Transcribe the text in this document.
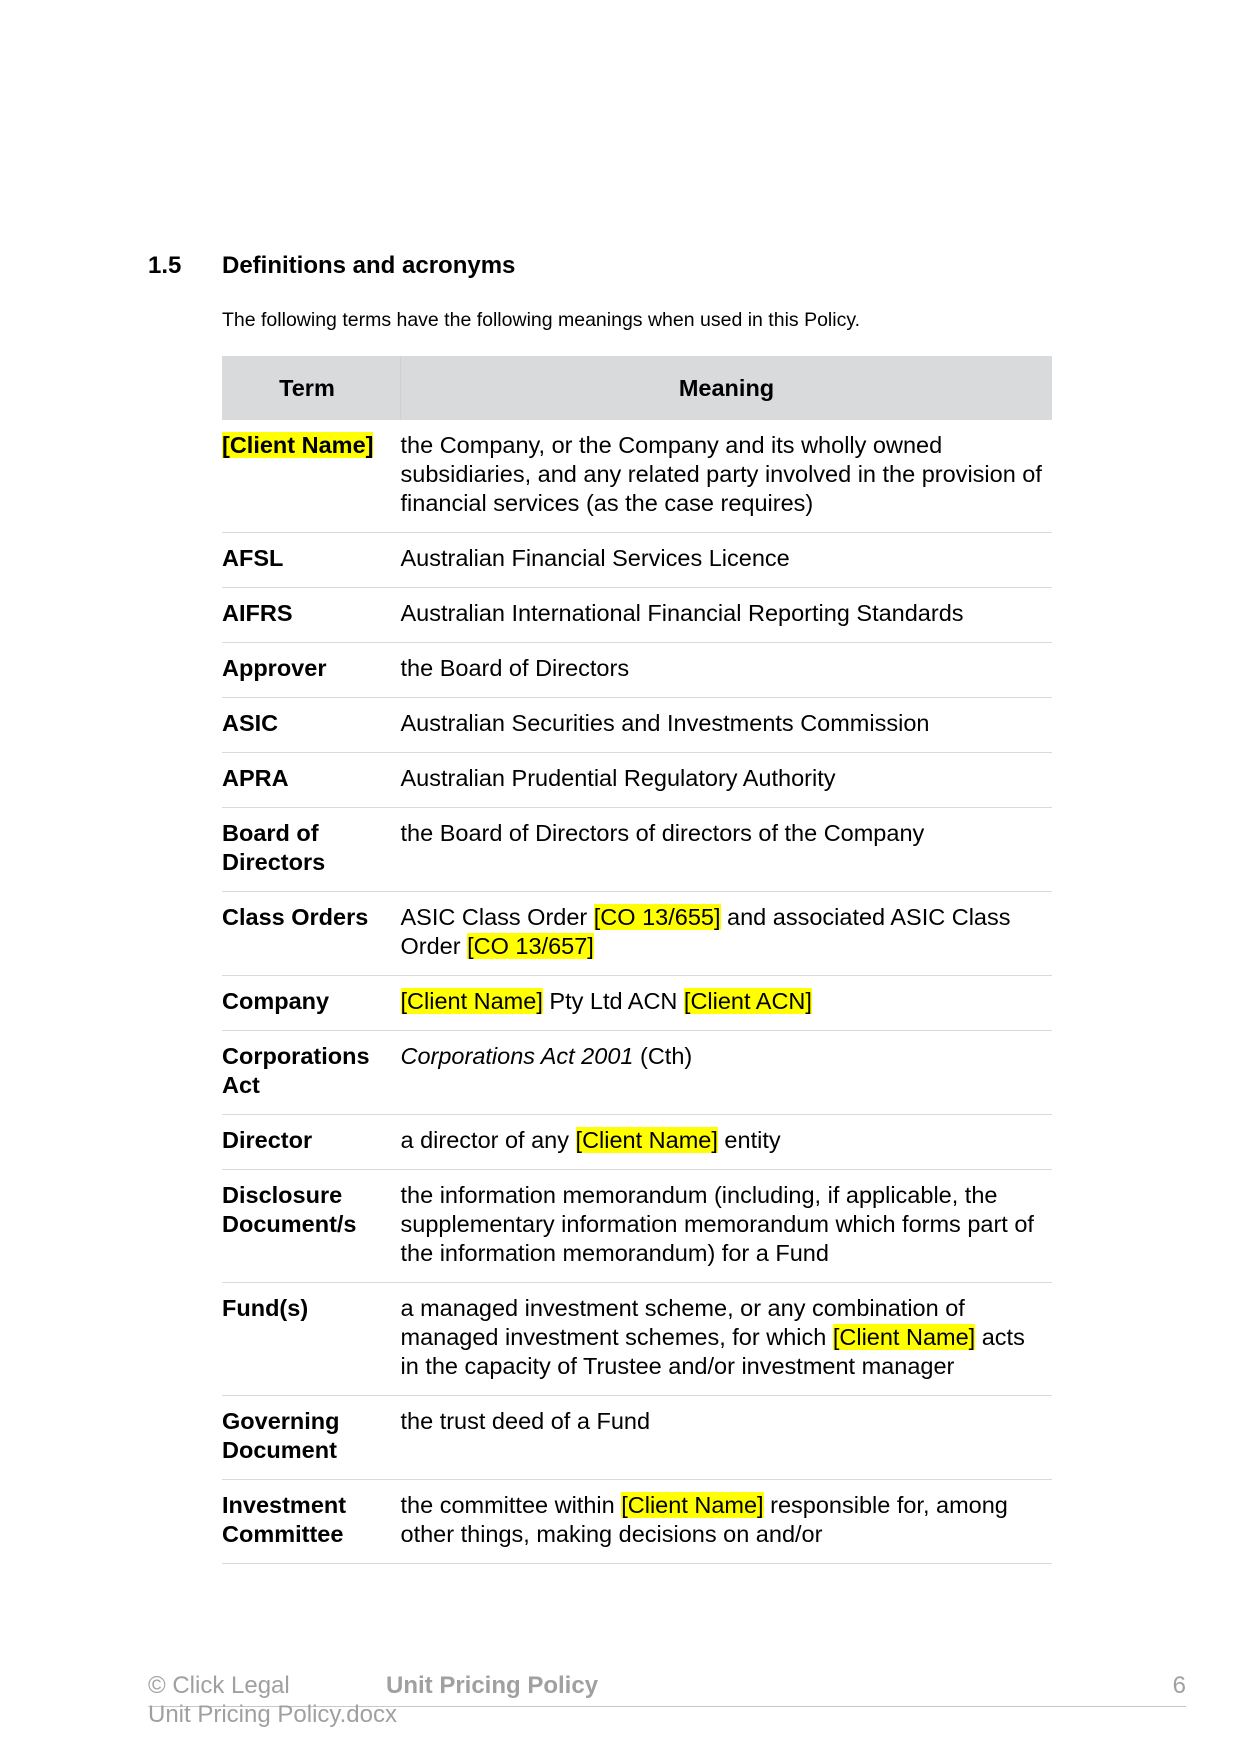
1.5 Definitions and acronyms
The following terms have the following meanings when used in this Policy.
Term	Meaning
[Client Name]	the Company, or the Company and its wholly owned subsidiaries, and any related party involved in the provision of financial services (as the case requires)
AFSL	Australian Financial Services Licence
AIFRS	Australian International Financial Reporting Standards
Approver	the Board of Directors
ASIC	Australian Securities and Investments Commission
APRA	Australian Prudential Regulatory Authority
Board of Directors	the Board of Directors of directors of the Company
Class Orders	ASIC Class Order [CO 13/655] and associated ASIC Class Order [CO 13/657]
Company	[Client Name] Pty Ltd ACN [Client ACN]
Corporations Act	Corporations Act 2001 (Cth)
Director	a director of any [Client Name] entity
Disclosure Document/s	the information memorandum (including, if applicable, the supplementary information memorandum which forms part of the information memorandum) for a Fund
Fund(s)	a managed investment scheme, or any combination of managed investment schemes, for which [Client Name] acts in the capacity of Trustee and/or investment manager
Governing Document	the trust deed of a Fund
Investment Committee	the committee within [Client Name] responsible for, among other things, making decisions on and/or
© Click Legal	Unit Pricing Policy	6
Unit Pricing Policy.docx
